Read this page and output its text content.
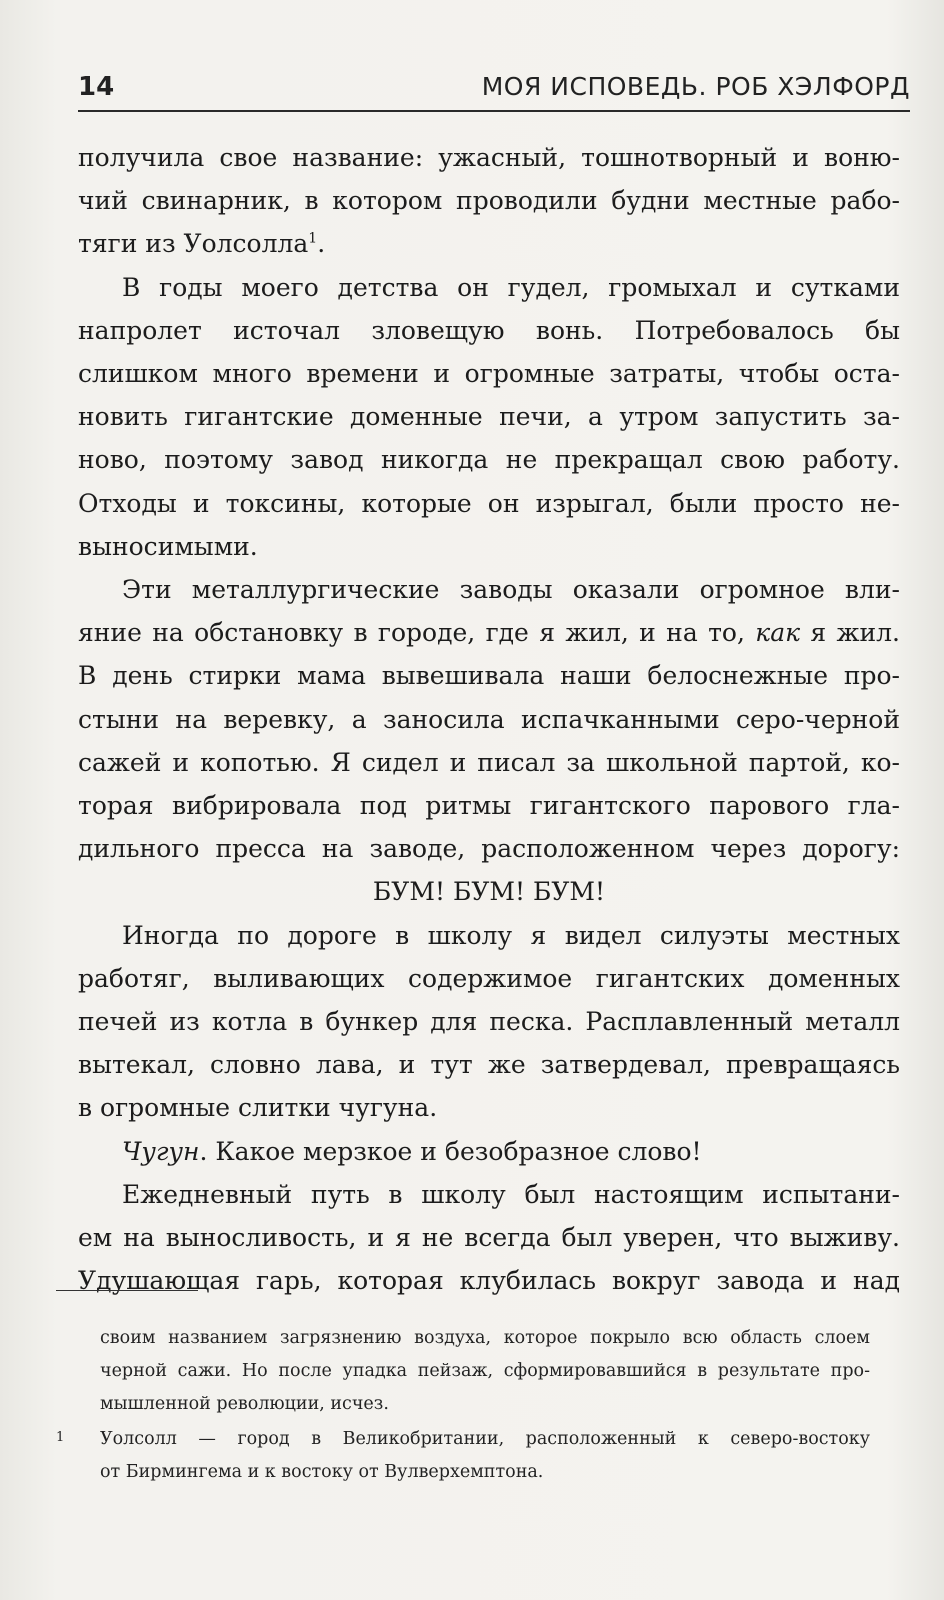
14	МОЯ ИСПОВЕДЬ. РОБ ХЭЛФОРД

получила свое название: ужасный, тошнотворный и воню-
чий свинарник, в котором проводили будни местные рабо-
тяги из Уолсолла$^1$.

В годы моего детства он гудел, громыхал и сутками
напролет источал зловещую вонь. Потребовалось бы
слишком много времени и огромные затраты, чтобы оста-
новить гигантские доменные печи, а утром запустить за-
ново, поэтому завод никогда не прекращал свою работу.
Отходы и токсины, которые он изрыгал, были просто не-
выносимыми.

Эти металлургические заводы оказали огромное вли-
яние на обстановку в городе, где я жил, и на то, как я жил.
В день стирки мама вывешивала наши белоснежные про-
стыни на веревку, а заносила испачканными серо-черной
сажей и копотью. Я сидел и писал за школьной партой, ко-
торая вибрировала под ритмы гигантского парового гла-
дильного пресса на заводе, расположенном через дорогу:

БУМ! БУМ! БУМ!

Иногда по дороге в школу я видел силуэты местных
работяг, выливающих содержимое гигантских доменных
печей из котла в бункер для песка. Расплавленный металл
вытекал, словно лава, и тут же затвердевал, превращаясь
в огромные слитки чугуна.

Чугун. Какое мерзкое и безобразное слово!

Ежедневный путь в школу был настоящим испытани-
ем на выносливость, и я не всегда был уверен, что выживу.
Удушающая гарь, которая клубилась вокруг завода и над

своим названием загрязнению воздуха, которое покрыло всю область слоем
черной сажи. Но после упадка пейзаж, сформировавшийся в результате про-
мышленной революции, исчез.
1 Уолсолл — город в Великобритании, расположенный к северо-востоку
от Бирмингема и к востоку от Вулверхемптона.
